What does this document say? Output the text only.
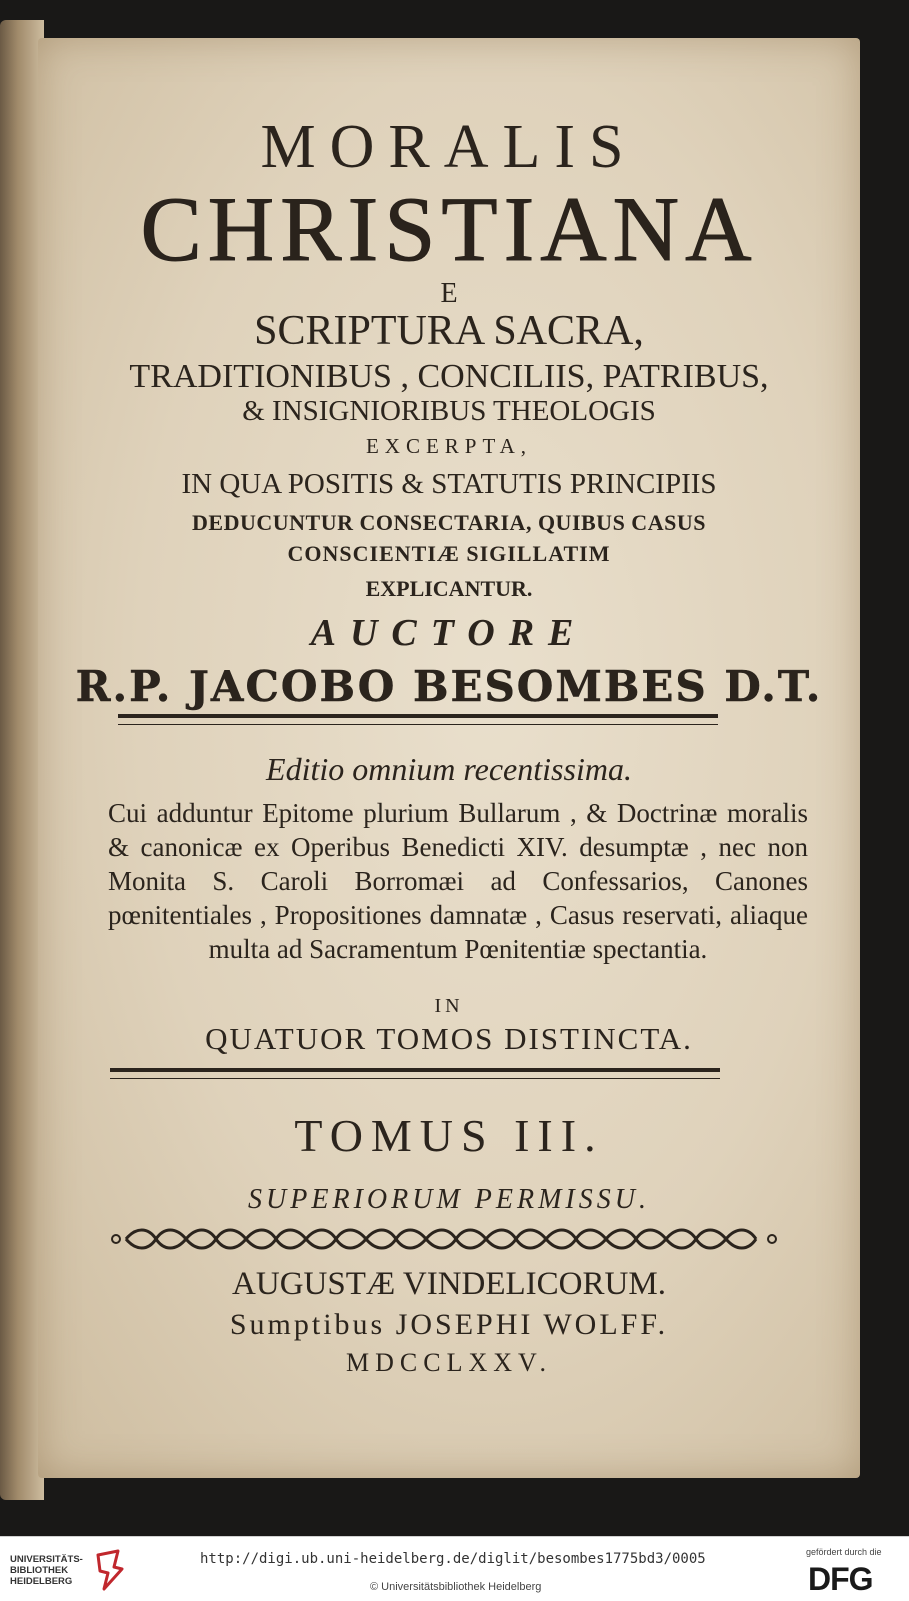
MORALIS
CHRISTIANA
E
SCRIPTURA SACRA,
TRADITIONIBUS , CONCILIIS, PATRIBUS,
& INSIGNIORIBUS THEOLOGIS
EXCERPTA,
IN QUA POSITIS & STATUTIS PRINCIPIIS
DEDUCUNTUR CONSECTARIA, QUIBUS CASUS
CONSCIENTIÆ SIGILLATIM
EXPLICANTUR.
AUCTORE
R.P. JACOBO BESOMBES D.T.
Editio omnium recentissima.
Cui adduntur Epitome plurium Bullarum , & Doctrinæ moralis & canonicæ ex Operibus Benedicti XIV. desumptæ , nec non Monita S. Caroli Borromæi ad Confessarios, Canones pœnitentiales , Propositiones damnatæ , Casus reservati, aliaque multa ad Sacramentum Pœnitentiæ spectantia.
IN
QUATUOR TOMOS DISTINCTA.
TOMUS III.
SUPERIORUM PERMISSU.
AUGUSTÆ VINDELICORUM.
Sumptibus JOSEPHI WOLFF.
MDCCLXXV.
UNIVERSITÄTS-
BIBLIOTHEK
HEIDELBERG
http://digi.ub.uni-heidelberg.de/diglit/besombes1775bd3/0005
© Universitätsbibliothek Heidelberg
gefördert durch die
DFG
